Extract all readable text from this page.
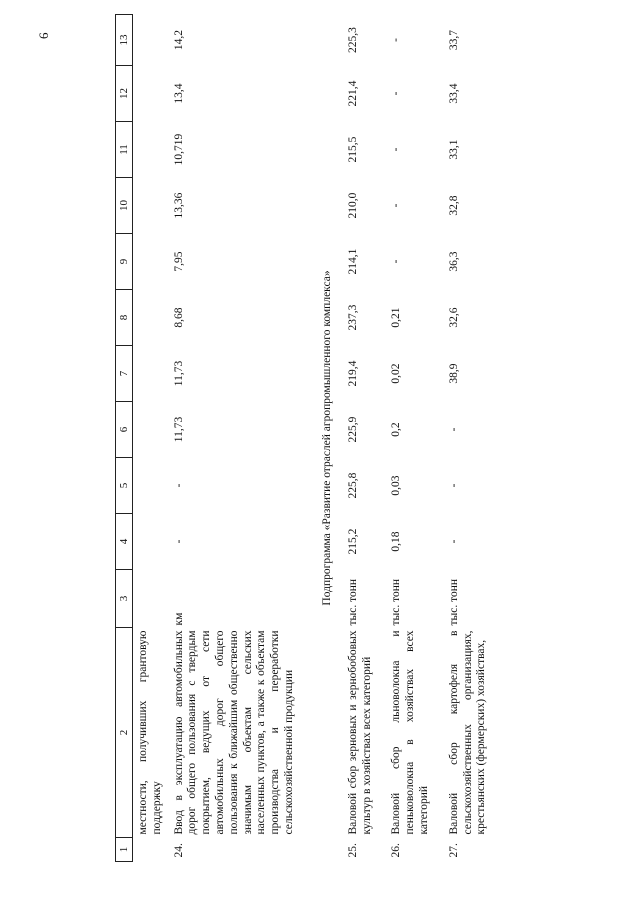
6
1	2	3	4	5	6	7	8	9	10	11	12	13
	местности, получивших грантовую поддержку											
24.	Ввод в эксплуатацию автомобильных дорог общего пользования с твердым покрытием, ведущих от сети автомобильных дорог общего пользования к ближайшим общественно значимым объектам сельских населенных пунктов, а также к объектам производства и переработки сельскохозяйственной продукции	км	-	-	11,73	11,73	8,68	7,95	13,36	10,719	13,4	14,2

Подпрограмма «Развитие отраслей агропромышленного комплекса»												
25.	Валовой сбор зерновых и зернобобовых культур в хозяйствах всех категорий	тыс. тонн	215,2	225,8	225,9	219,4	237,3	214,1	210,0	215,5	221,4	225,3

26.	Валовой сбор льноволокна и пеньковолокна в хозяйствах всех категорий	тыс. тонн	0,18	0,03	0,2	0,02	0,21	-	-	-	-	-

27.	Валовой сбор картофеля в сельскохозяйственных организациях, крестьянских (фермерских) хозяйствах,	тыс. тонн	-	-	-	38,9	32,6	36,3	32,8	33,1	33,4	33,7
